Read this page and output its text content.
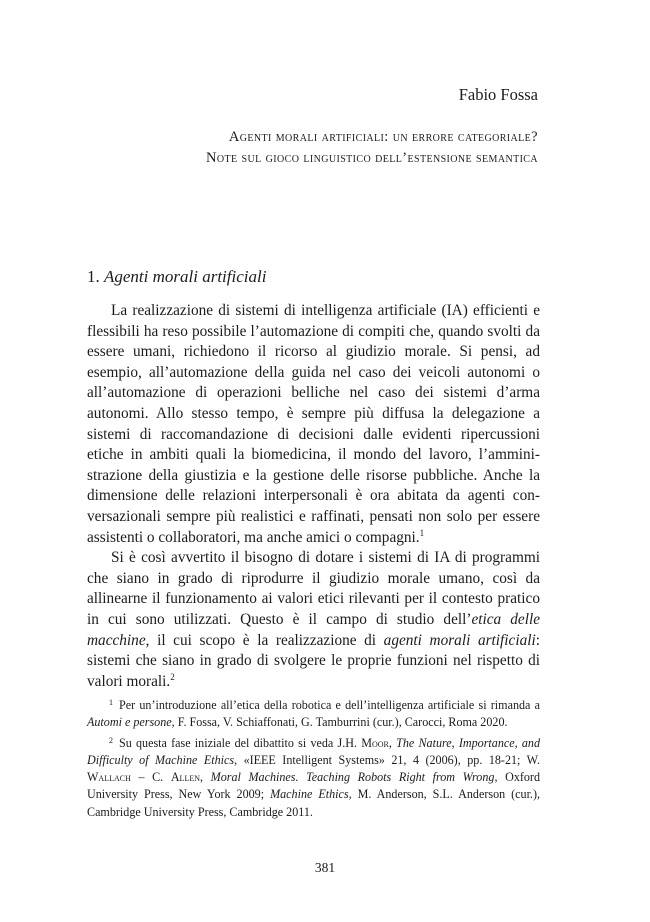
Fabio Fossa
Agenti morali artificiali: un errore categoriale?
Note sul gioco linguistico dell’estensione semantica
1. Agenti morali artificiali

La realizzazione di sistemi di intelligenza artificiale (IA) efficienti e flessibili ha reso possibile l’automazione di compiti che, quando svolti da essere umani, richiedono il ricorso al giudizio morale. Si pensi, ad esempio, all’automazione della guida nel caso dei veicoli autonomi o all’automazione di operazioni belliche nel caso dei sistemi d’arma autonomi. Allo stesso tempo, è sempre più diffusa la delegazione a sistemi di raccomandazione di decisioni dalle evidenti ripercussioni etiche in ambiti quali la biomedicina, il mondo del lavoro, l’amministrazione della giustizia e la gestione delle risorse pubbliche. Anche la dimensione delle relazioni interpersonali è ora abitata da agenti conversazionali sempre più realistici e raffinati, pensati non solo per essere assistenti o collaboratori, ma anche amici o compagni.$^1$

Si è così avvertito il bisogno di dotare i sistemi di IA di programmi che siano in grado di riprodurre il giudizio morale umano, così da allinearne il funzionamento ai valori etici rilevanti per il contesto pratico in cui sono utilizzati. Questo è il campo di studio dell’etica delle macchine, il cui scopo è la realizzazione di agenti morali artificiali: sistemi che siano in grado di svolgere le proprie funzioni nel rispetto di valori morali.$^2$

$^1$ Per un’introduzione all’etica della robotica e dell’intelligenza artificiale si rimanda a Automi e persone, F. Fossa, V. Schiaffonati, G. Tamburrini (cur.), Carocci, Roma 2020.

$^2$ Su questa fase iniziale del dibattito si veda J.H. Moor, The Nature, Importance, and Difficulty of Machine Ethics, «IEEE Intelligent Systems» 21, 4 (2006), pp. 18-21; W. Wallach – C. Allen, Moral Machines. Teaching Robots Right from Wrong, Oxford University Press, New York 2009; Machine Ethics, M. Anderson, S.L. Anderson (cur.), Cambridge University Press, Cambridge 2011.

381
